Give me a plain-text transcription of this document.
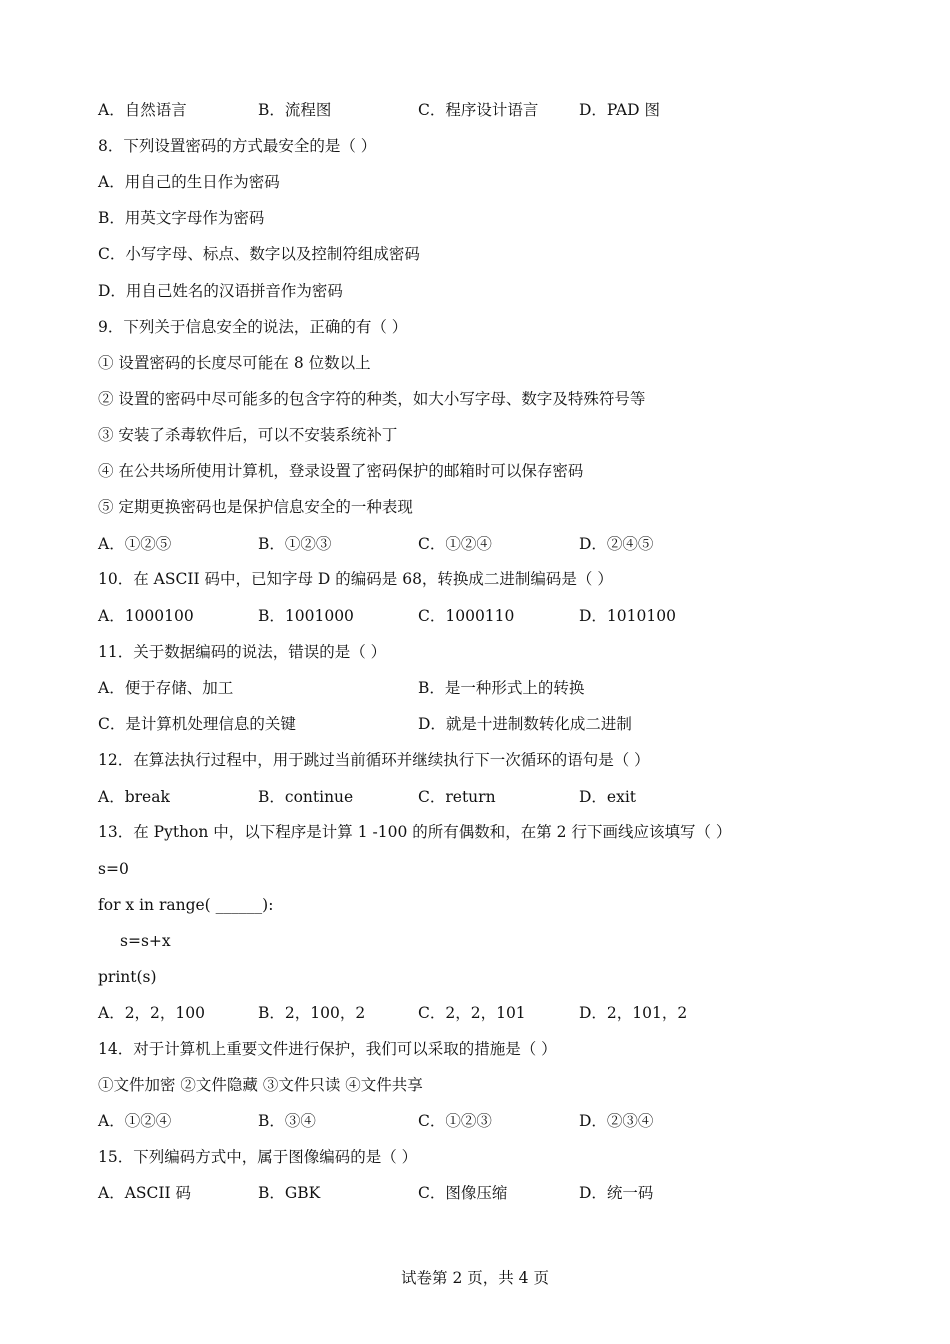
A．自然语言	B．流程图	C．程序设计语言	D．PAD 图
8．下列设置密码的方式最安全的是（ ）
A．用自己的生日作为密码
B．用英文字母作为密码
C．小写字母、标点、数字以及控制符组成密码
D．用自己姓名的汉语拼音作为密码
9．下列关于信息安全的说法，正确的有（ ）
① 设置密码的长度尽可能在 8 位数以上
② 设置的密码中尽可能多的包含字符的种类，如大小写字母、数字及特殊符号等
③ 安装了杀毒软件后，可以不安装系统补丁
④ 在公共场所使用计算机，登录设置了密码保护的邮箱时可以保存密码
⑤ 定期更换密码也是保护信息安全的一种表现
A．①②⑤	B．①②③	C．①②④	D．②④⑤
10．在 ASCII 码中，已知字母 D 的编码是 68，转换成二进制编码是（ ）
A．1000100	B．1001000	C．1000110	D．1010100
11．关于数据编码的说法，错误的是（ ）
A．便于存储、加工	B．是一种形式上的转换
C．是计算机处理信息的关键	D．就是十进制数转化成二进制
12．在算法执行过程中，用于跳过当前循环并继续执行下一次循环的语句是（ ）
A．break	B．continue	C．return	D．exit
13．在 Python 中，以下程序是计算 1 -100 的所有偶数和，在第 2 行下画线应该填写（ ）
s=0
for x in range( ______):
s=s+x
print(s)
A．2，2，100	B．2，100，2	C．2，2，101	D．2，101，2
14．对于计算机上重要文件进行保护，我们可以采取的措施是（ ）
①文件加密 ②文件隐藏 ③文件只读 ④文件共享
A．①②④	B．③④	C．①②③	D．②③④
15．下列编码方式中，属于图像编码的是（ ）
A．ASCII 码	B．GBK	C．图像压缩	D．统一码
试卷第 2 页，共 4 页
